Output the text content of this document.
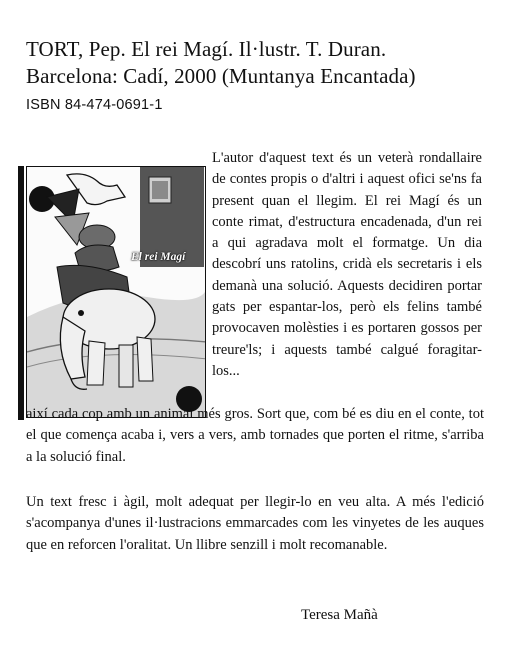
TORT, Pep. El rei Magí. Il·lustr. T. Duran.
Barcelona: Cadí, 2000 (Muntanya Encantada)
ISBN 84-474-0691-1
El rei Magí
L'autor d'aquest text és un veterà rondallaire de contes propis o d'altri i aquest ofici se'ns fa present quan el llegim. El rei Magí és un conte rimat, d'estructura encadenada, d'un rei a qui agradava molt el formatge. Un dia descobrí uns ratolins, cridà els secretaris i els demanà una solució. Aquests decidiren portar gats per espantar-los, però els felins també provocaven molèsties i es portaren gossos per treure'ls; i aquests també calgué foragitar-los...
així cada cop amb un animal més gros. Sort que, com bé es diu en el conte, tot el que comença acaba i, vers a vers, amb tornades que porten el ritme, s'arriba a la solució final.
Un text fresc i àgil, molt adequat per llegir-lo en veu alta. A més l'edició s'acompanya d'unes il·lustracions emmarcades com les vinyetes de les auques que en reforcen l'oralitat. Un llibre senzill i molt recomanable.
Teresa Mañà
